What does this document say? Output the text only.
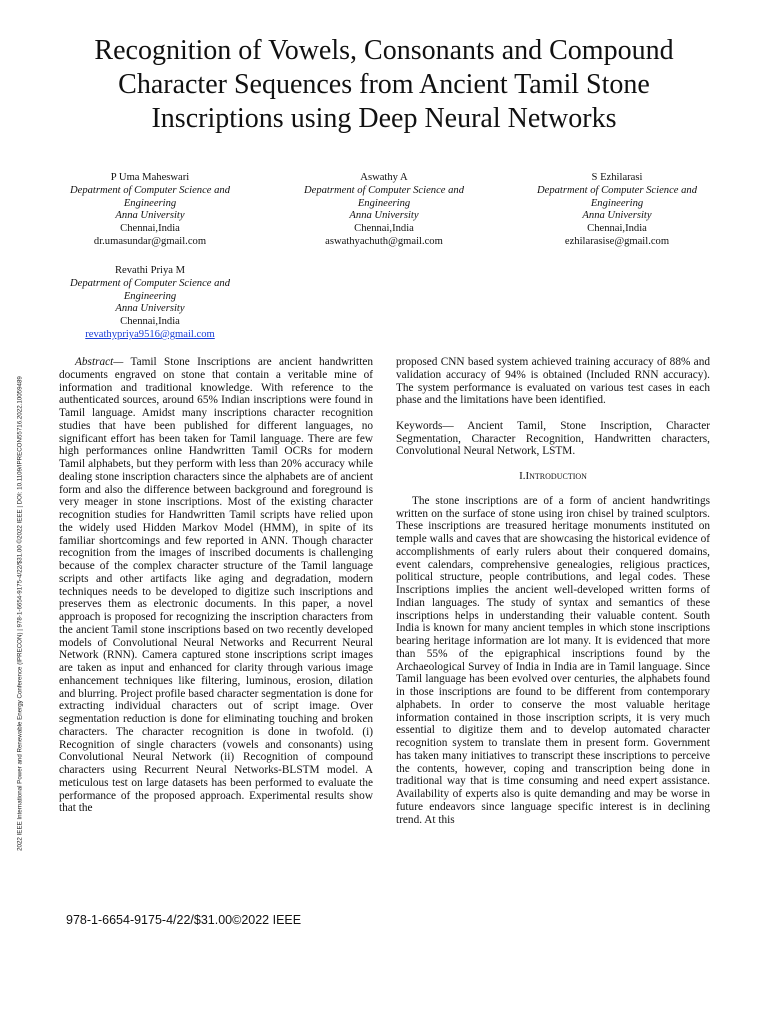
2022 IEEE International Power and Renewable Energy Conference (IPRECON) | 978-1-6654-9175-4/22/$31.00 ©2022 IEEE | DOI: 10.1109/IPRECON55716.2022.10059489
Recognition of Vowels, Consonants and Compound
Character Sequences from Ancient Tamil Stone
Inscriptions using Deep Neural Networks
P Uma Maheswari
Depatrment of Computer Science and
Engineering
Anna University
Chennai,India
dr.umasundar@gmail.com
Aswathy A
Depatrment of Computer Science and
Engineering
Anna University
Chennai,India
aswathyachuth@gmail.com
S Ezhilarasi
Depatrment of Computer Science and
Engineering
Anna University
Chennai,India
ezhilarasise@gmail.com
Revathi Priya M
Depatrment of Computer Science and
Engineering
Anna University
Chennai,India
revathypriya9516@gmail.com

Abstract— Tamil Stone Inscriptions are ancient handwritten documents engraved on stone that contain a veritable mine of information and traditional knowledge. With reference to the authenticated sources, around 65% Indian inscriptions were found in Tamil language. Amidst many inscriptions character recognition studies that have been published for different languages, no significant effort has been taken for Tamil language. There are few high performances online Handwritten Tamil OCRs for modern Tamil alphabets, but they perform with less than 20% accuracy while dealing stone inscription characters since the alphabets are of ancient form and also the difference between background and foreground is very meager in stone inscriptions. Most of the existing character recognition studies for Handwritten Tamil scripts have relied upon the widely used Hidden Markov Model (HMM), in spite of its familiar shortcomings and few reported in ANN. Though character recognition from the images of inscribed documents is challenging because of the complex character structure of the Tamil language scripts and other artifacts like aging and degradation, modern techniques needs to be developed to digitize such inscriptions and preserves them as electronic documents. In this paper, a novel approach is proposed for recognizing the inscription characters from the ancient Tamil stone inscriptions based on two recently developed models of Convolutional Neural Networks and Recurrent Neural Network (RNN). Camera captured stone inscriptions script images are taken as input and enhanced for clarity through various image enhancement techniques like filtering, luminous, erosion, dilation and blurring. Project profile based character segmentation is done for extracting individual characters out of script image. Over segmentation reduction is done for eliminating touching and broken characters. The character recognition is done in twofold. (i) Recognition of single characters (vowels and consonants) using Convolutional Neural Network (ii) Recognition of compound characters using Recurrent Neural Networks-BLSTM model. A meticulous test on large datasets has been performed to evaluate the performance of the proposed approach. Experimental results show that the

proposed CNN based system achieved training accuracy of 88% and validation accuracy of 94% is obtained (Included RNN accuracy). The system performance is evaluated on various test cases in each phase and the limitations have been identified.

Keywords— Ancient Tamil, Stone Inscription, Character Segmentation, Character Recognition, Handwritten characters, Convolutional Neural Network, LSTM.

I.Introduction

The stone inscriptions are of a form of ancient handwritings written on the surface of stone using iron chisel by trained sculptors. These inscriptions are treasured heritage monuments instituted on temple walls and caves that are showcasing the historical evidence of accomplishments of early rulers about their conquered domains, event calendars, comprehensive genealogies, religious practices, political structure, people contributions, and legal codes. These Inscriptions implies the ancient well-developed written forms of Indian languages. The study of syntax and semantics of these inscriptions helps in understanding their valuable content. South India is known for many ancient temples in which stone inscriptions bearing heritage information are lot many. It is evidenced that more than 55% of the epigraphical inscriptions found by the Archaeological Survey of India in India are in Tamil language. Since Tamil language has been evolved over centuries, the alphabets found in those inscriptions are found to be different from contemporary alphabets. In order to conserve the most valuable heritage information contained in those inscription scripts, it is very much essential to digitize them and to develop automated character recognition system to translate them in present form. Government has taken many initiatives to transcript these inscriptions to perceive the contents, however, coping and transcription being done in traditional way that is time consuming and need expert assistance. Availability of experts also is quite demanding and may be worse in future endeavors since language specific interest is in declining trend. At this

978-1-6654-9175-4/22/$31.00©2022 IEEE
